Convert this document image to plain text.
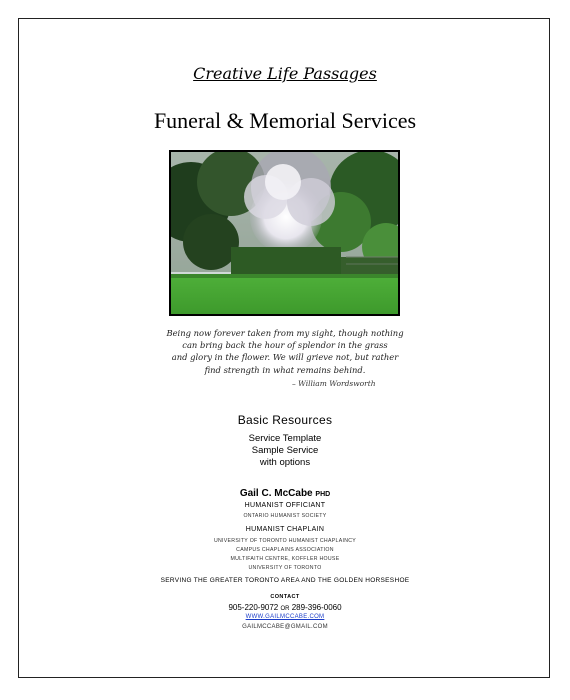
Creative Life Passages
Funeral & Memorial Services
Being now forever taken from my sight, though nothing
can bring back the hour of splendor in the grass
and glory in the flower. We will grieve not, but rather
find strength in what remains behind.
– William Wordsworth
Basic Resources
Service Template
Sample Service
with options
Gail C. McCabe PHD
HUMANIST OFFICIANT
ONTARIO HUMANIST SOCIETY
HUMANIST CHAPLAIN
UNIVERSITY OF TORONTO HUMANIST CHAPLAINCY
CAMPUS CHAPLAINS ASSOCIATION
MULTIFAITH CENTRE, KOFFLER HOUSE
UNIVERSITY OF TORONTO
SERVING THE GREATER TORONTO AREA AND THE GOLDEN HORSESHOE
CONTACT
905-220-9072 OR 289-396-0060
WWW.GAILMCCABE.COM
GAILMCCABE@GMAIL.COM
